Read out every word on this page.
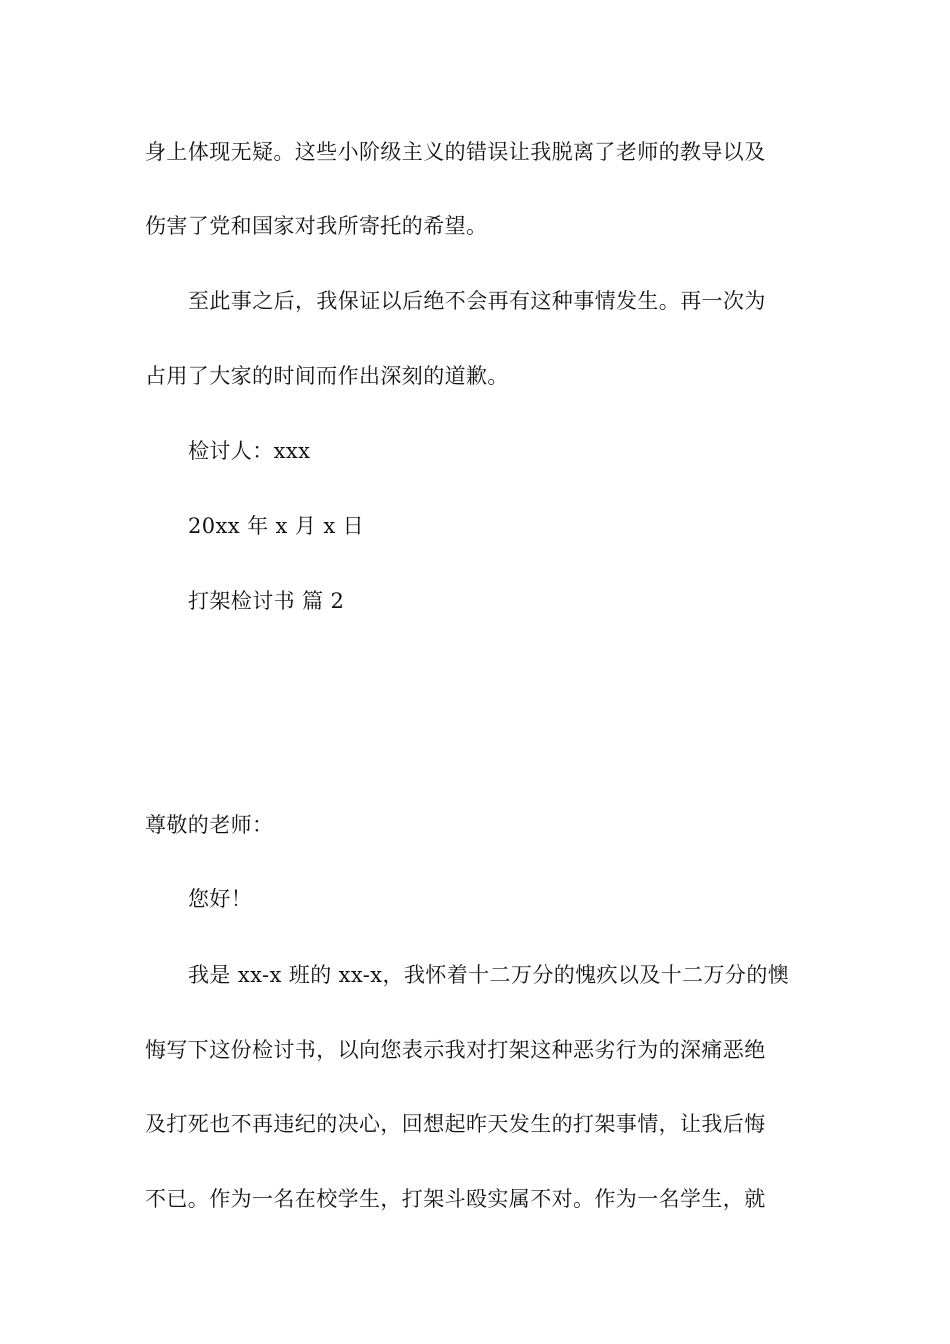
身上体现无疑。这些小阶级主义的错误让我脱离了老师的教导以及
伤害了党和国家对我所寄托的希望。
至此事之后，我保证以后绝不会再有这种事情发生。再一次为
占用了大家的时间而作出深刻的道歉。
检讨人：xxx
20xx 年 x 月 x 日
打架检讨书 篇 2
尊敬的老师：
您好！
我是 xx-x 班的 xx-x，我怀着十二万分的愧疚以及十二万分的懊
悔写下这份检讨书，以向您表示我对打架这种恶劣行为的深痛恶绝
及打死也不再违纪的决心，回想起昨天发生的打架事情，让我后悔
不已。作为一名在校学生，打架斗殴实属不对。作为一名学生，就
